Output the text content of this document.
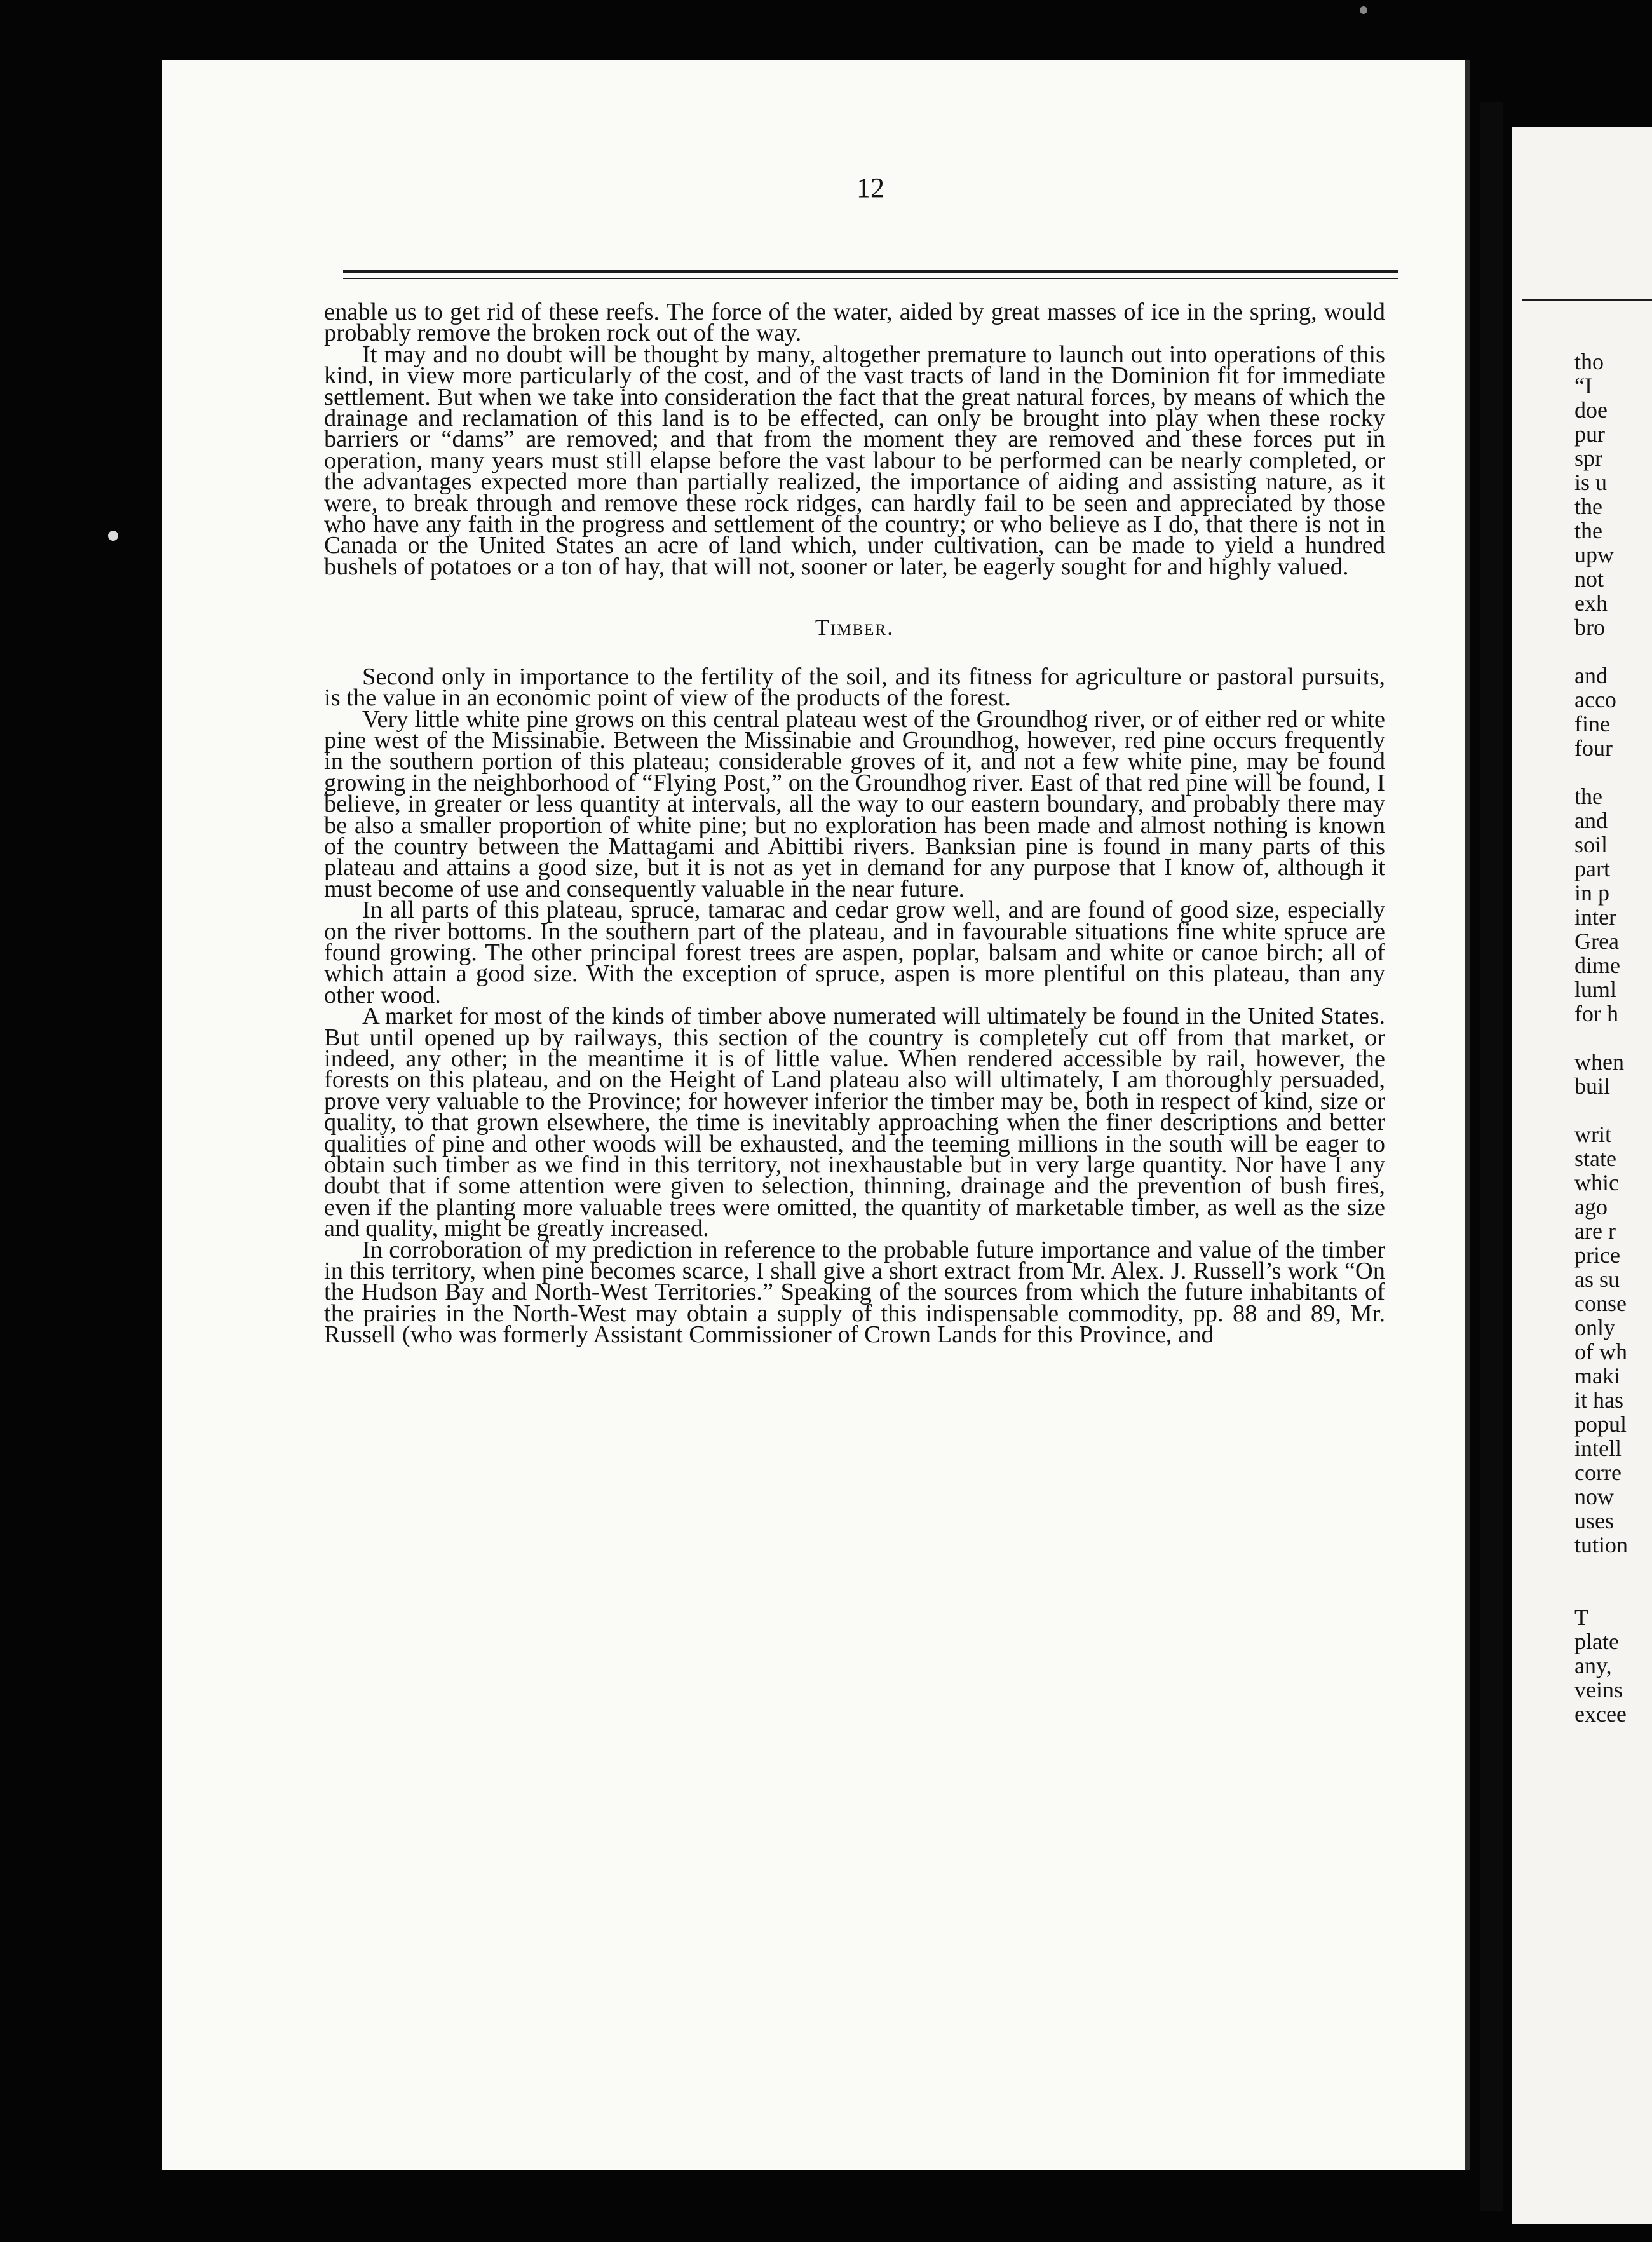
tho
“I
doe
pur
spr
is u
the
the
upw
not
exh
bro
and
acco
fine
four
the
and
soil
part
in p
inter
Grea
dime
luml
for h
when
buil
writ
state
whic
ago
are r
price
as su
conse
only
of wh
maki
it has
popul
intell
corre
now
uses
tution
T
plate
any,
veins
excee
12

enable us to get rid of these reefs. The force of the water, aided by great masses of ice in the spring, would probably remove the broken rock out of the way.

It may and no doubt will be thought by many, altogether premature to launch out into operations of this kind, in view more particularly of the cost, and of the vast tracts of land in the Dominion fit for immediate settlement. But when we take into consideration the fact that the great natural forces, by means of which the drainage and reclamation of this land is to be effected, can only be brought into play when these rocky barriers or “dams” are removed; and that from the moment they are removed and these forces put in operation, many years must still elapse before the vast labour to be performed can be nearly completed, or the advantages expected more than partially realized, the importance of aiding and assisting nature, as it were, to break through and remove these rock ridges, can hardly fail to be seen and appreciated by those who have any faith in the progress and settlement of the country; or who believe as I do, that there is not in Canada or the United States an acre of land which, under cultivation, can be made to yield a hundred bushels of potatoes or a ton of hay, that will not, sooner or later, be eagerly sought for and highly valued.

Timber.

Second only in importance to the fertility of the soil, and its fitness for agriculture or pastoral pursuits, is the value in an economic point of view of the products of the forest.

Very little white pine grows on this central plateau west of the Groundhog river, or of either red or white pine west of the Missinabie. Between the Missinabie and Groundhog, however, red pine occurs frequently in the southern portion of this plateau; considerable groves of it, and not a few white pine, may be found growing in the neighborhood of “Flying Post,” on the Groundhog river. East of that red pine will be found, I believe, in greater or less quantity at intervals, all the way to our eastern boundary, and probably there may be also a smaller proportion of white pine; but no exploration has been made and almost nothing is known of the country between the Mattagami and Abittibi rivers. Banksian pine is found in many parts of this plateau and attains a good size, but it is not as yet in demand for any purpose that I know of, although it must become of use and consequently valuable in the near future.

In all parts of this plateau, spruce, tamarac and cedar grow well, and are found of good size, especially on the river bottoms. In the southern part of the plateau, and in favourable situations fine white spruce are found growing. The other principal forest trees are aspen, poplar, balsam and white or canoe birch; all of which attain a good size. With the exception of spruce, aspen is more plentiful on this plateau, than any other wood.

A market for most of the kinds of timber above numerated will ultimately be found in the United States. But until opened up by railways, this section of the country is completely cut off from that market, or indeed, any other; in the meantime it is of little value. When rendered accessible by rail, however, the forests on this plateau, and on the Height of Land plateau also will ultimately, I am thoroughly persuaded, prove very valuable to the Province; for however inferior the timber may be, both in respect of kind, size or quality, to that grown elsewhere, the time is inevitably approaching when the finer descriptions and better qualities of pine and other woods will be exhausted, and the teeming millions in the south will be eager to obtain such timber as we find in this territory, not inexhaustable but in very large quantity. Nor have I any doubt that if some attention were given to selection, thinning, drainage and the prevention of bush fires, even if the planting more valuable trees were omitted, the quantity of marketable timber, as well as the size and quality, might be greatly increased.

In corroboration of my prediction in reference to the probable future importance and value of the timber in this territory, when pine becomes scarce, I shall give a short extract from Mr. Alex. J. Russell’s work “On the Hudson Bay and North-West Territories.” Speaking of the sources from which the future inhabitants of the prairies in the North-West may obtain a supply of this indispensable commodity, pp. 88 and 89, Mr. Russell (who was formerly Assistant Commissioner of Crown Lands for this Province, and
